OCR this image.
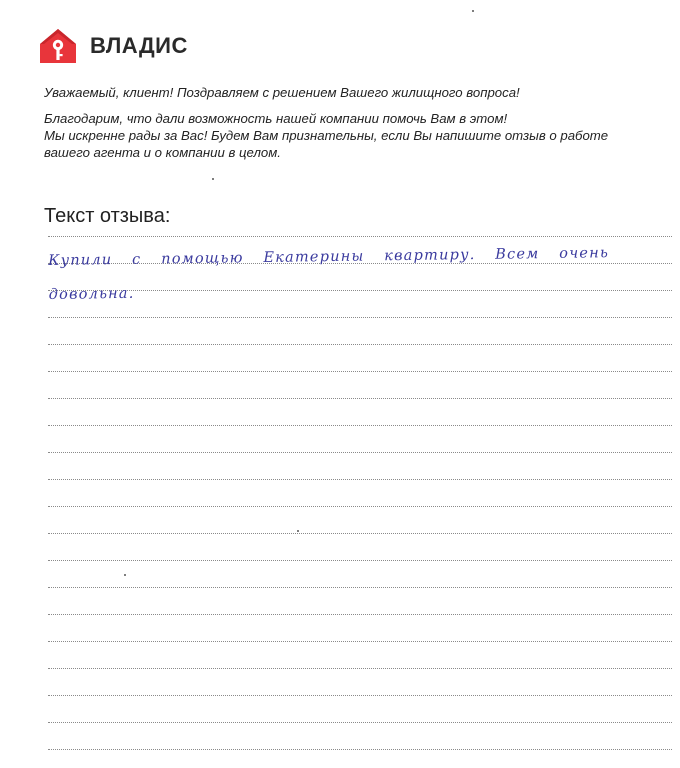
ВЛАДИС

Уважаемый, клиент! Поздравляем с решением Вашего жилищного вопроса!

Благодарим, что дали возможность нашей компании помочь Вам в этом!

Мы искренне рады за Вас! Будем Вам признательны, если Вы напишите отзыв о работе

вашего агента и о компании в целом.

Текст отзыва:
Купили с помощью Екатерины квартиру. Всем очень довольна.
